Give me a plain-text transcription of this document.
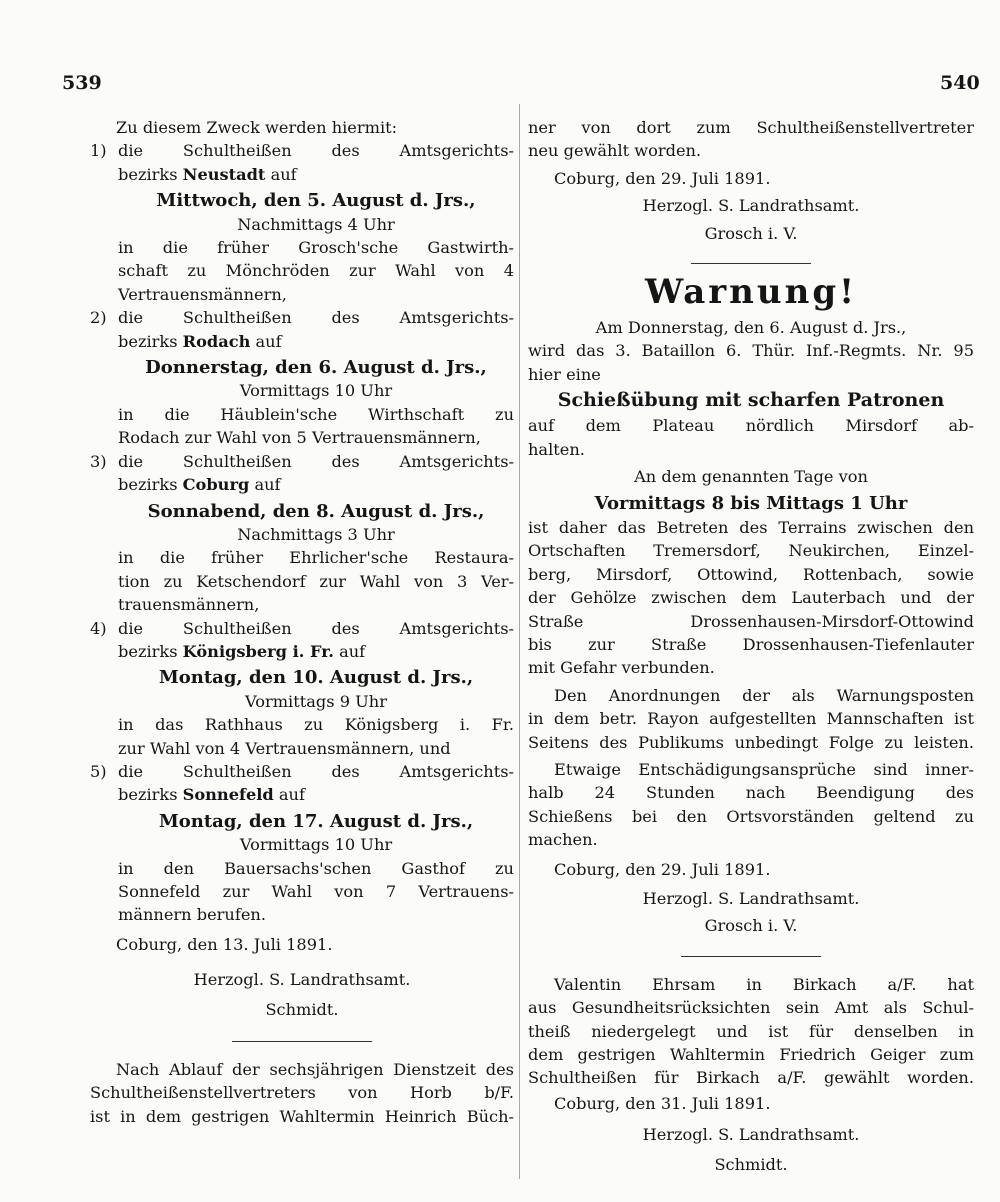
539	540

Zu diesem Zweck werden hiermit:

1) die Schultheißen des Amtsgerichts-
bezirks Neustadt auf
Mittwoch, den 5. August d. Jrs.,
Nachmittags 4 Uhr
in die früher Grosch'sche Gastwirth-
schaft zu Mönchröden zur Wahl von 4
Vertrauensmännern,
2) die Schultheißen des Amtsgerichts-
bezirks Rodach auf
Donnerstag, den 6. August d. Jrs.,
Vormittags 10 Uhr
in die Häublein'sche Wirthschaft zu
Rodach zur Wahl von 5 Vertrauensmännern,
3) die Schultheißen des Amtsgerichts-
bezirks Coburg auf
Sonnabend, den 8. August d. Jrs.,
Nachmittags 3 Uhr
in die früher Ehrlicher'sche Restaura-
tion zu Ketschendorf zur Wahl von 3 Ver-
trauensmännern,
4) die Schultheißen des Amtsgerichts-
bezirks Königsberg i. Fr. auf
Montag, den 10. August d. Jrs.,
Vormittags 9 Uhr
in das Rathhaus zu Königsberg i. Fr.
zur Wahl von 4 Vertrauensmännern, und
5) die Schultheißen des Amtsgerichts-
bezirks Sonnefeld auf
Montag, den 17. August d. Jrs.,
Vormittags 10 Uhr
in den Bauersachs'schen Gasthof zu
Sonnefeld zur Wahl von 7 Vertrauens-
männern berufen.

Coburg, den 13. Juli 1891.

Herzogl. S. Landrathsamt.

Schmidt.

Nach Ablauf der sechsjährigen Dienstzeit des

Schultheißenstellvertreters von Horb b/F.

ist in dem gestrigen Wahltermin Heinrich Büch-

ner von dort zum Schultheißenstellvertreter

neu gewählt worden.

Coburg, den 29. Juli 1891.

Herzogl. S. Landrathsamt.

Grosch i. V.

Warnung!

Am Donnerstag, den 6. August d. Jrs.,

wird das 3. Bataillon 6. Thür. Inf.-Regmts. Nr. 95

hier eine

Schießübung mit scharfen Patronen

auf dem Plateau nördlich Mirsdorf ab-

halten.

An dem genannten Tage von

Vormittags 8 bis Mittags 1 Uhr

ist daher das Betreten des Terrains zwischen den

Ortschaften Tremersdorf, Neukirchen, Einzel-

berg, Mirsdorf, Ottowind, Rottenbach, sowie

der Gehölze zwischen dem Lauterbach und der

Straße Drossenhausen-Mirsdorf-Ottowind

bis zur Straße Drossenhausen-Tiefenlauter

mit Gefahr verbunden.

Den Anordnungen der als Warnungsposten

in dem betr. Rayon aufgestellten Mannschaften ist

Seitens des Publikums unbedingt Folge zu leisten.

Etwaige Entschädigungsansprüche sind inner-

halb 24 Stunden nach Beendigung des

Schießens bei den Ortsvorständen geltend zu

machen.

Coburg, den 29. Juli 1891.

Herzogl. S. Landrathsamt.

Grosch i. V.

Valentin Ehrsam in Birkach a/F. hat

aus Gesundheitsrücksichten sein Amt als Schul-

theiß niedergelegt und ist für denselben in

dem gestrigen Wahltermin Friedrich Geiger zum

Schultheißen für Birkach a/F. gewählt worden.

Coburg, den 31. Juli 1891.

Herzogl. S. Landrathsamt.

Schmidt.
